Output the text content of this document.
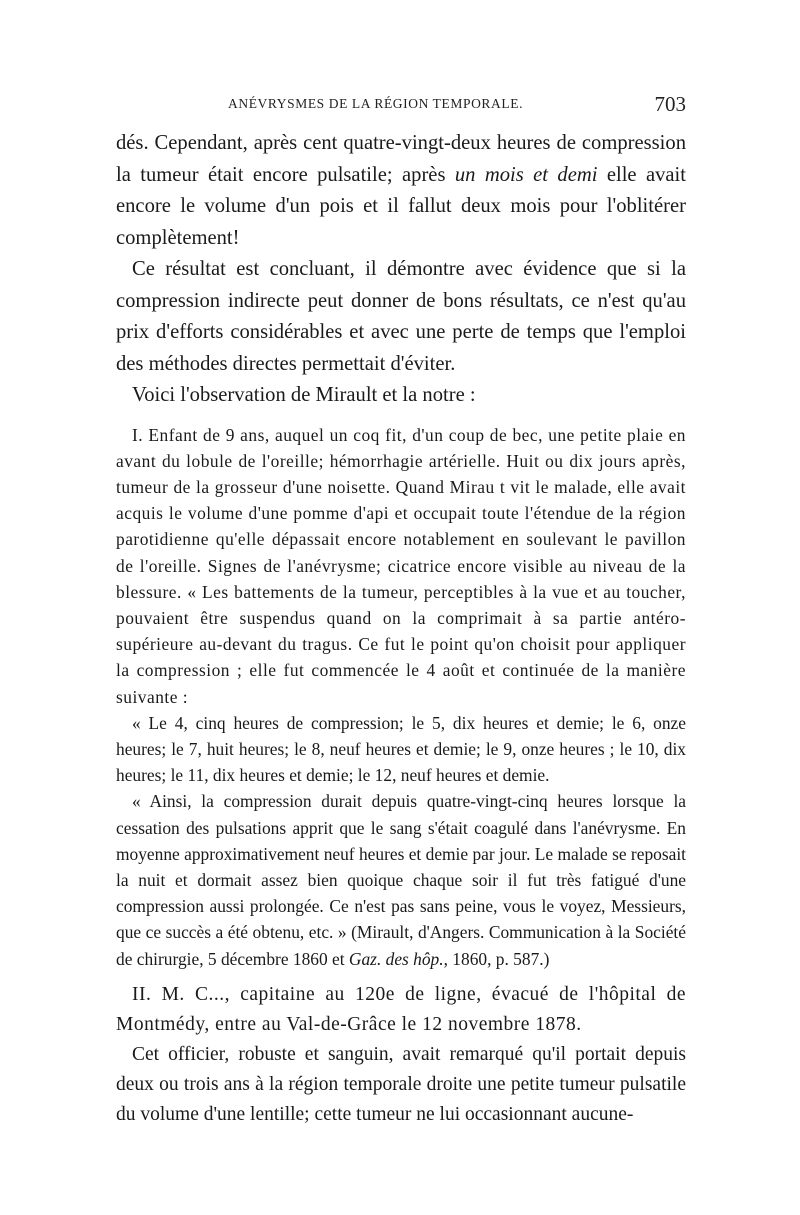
ANÉVRYSMES DE LA RÉGION TEMPORALE.	703

dés. Cependant, après cent quatre-vingt-deux heures de compression la tumeur était encore pulsatile; après un mois et demi elle avait encore le volume d'un pois et il fallut deux mois pour l'oblitérer complètement!

Ce résultat est concluant, il démontre avec évidence que si la compression indirecte peut donner de bons résultats, ce n'est qu'au prix d'efforts considérables et avec une perte de temps que l'emploi des méthodes directes permettait d'éviter.

Voici l'observation de Mirault et la notre :

I. Enfant de 9 ans, auquel un coq fit, d'un coup de bec, une petite plaie en avant du lobule de l'oreille; hémorrhagie artérielle. Huit ou dix jours après, tumeur de la grosseur d'une noisette. Quand Mirau t vit le malade, elle avait acquis le volume d'une pomme d'api et occupait toute l'étendue de la région parotidienne qu'elle dépassait encore notablement en soulevant le pavillon de l'oreille. Signes de l'anévrysme; cicatrice encore visible au niveau de la blessure. « Les battements de la tumeur, perceptibles à la vue et au toucher, pouvaient être suspendus quand on la comprimait à sa partie antéro-supérieure au-devant du tragus. Ce fut le point qu'on choisit pour appliquer la compression ; elle fut commencée le 4 août et continuée de la manière suivante :

« Le 4, cinq heures de compression; le 5, dix heures et demie; le 6, onze heures; le 7, huit heures; le 8, neuf heures et demie; le 9, onze heures ; le 10, dix heures; le 11, dix heures et demie; le 12, neuf heures et demie.

« Ainsi, la compression durait depuis quatre-vingt-cinq heures lorsque la cessation des pulsations apprit que le sang s'était coagulé dans l'anévrysme. En moyenne approximativement neuf heures et demie par jour. Le malade se reposait la nuit et dormait assez bien quoique chaque soir il fut très fatigué d'une compression aussi prolongée. Ce n'est pas sans peine, vous le voyez, Messieurs, que ce succès a été obtenu, etc. » (Mirault, d'Angers. Communication à la Société de chirurgie, 5 décembre 1860 et Gaz. des hôp., 1860, p. 587.)

II. M. C..., capitaine au 120e de ligne, évacué de l'hôpital de Montmédy, entre au Val-de-Grâce le 12 novembre 1878.

Cet officier, robuste et sanguin, avait remarqué qu'il portait depuis deux ou trois ans à la région temporale droite une petite tumeur pulsatile du volume d'une lentille; cette tumeur ne lui occasionnant aucune-
